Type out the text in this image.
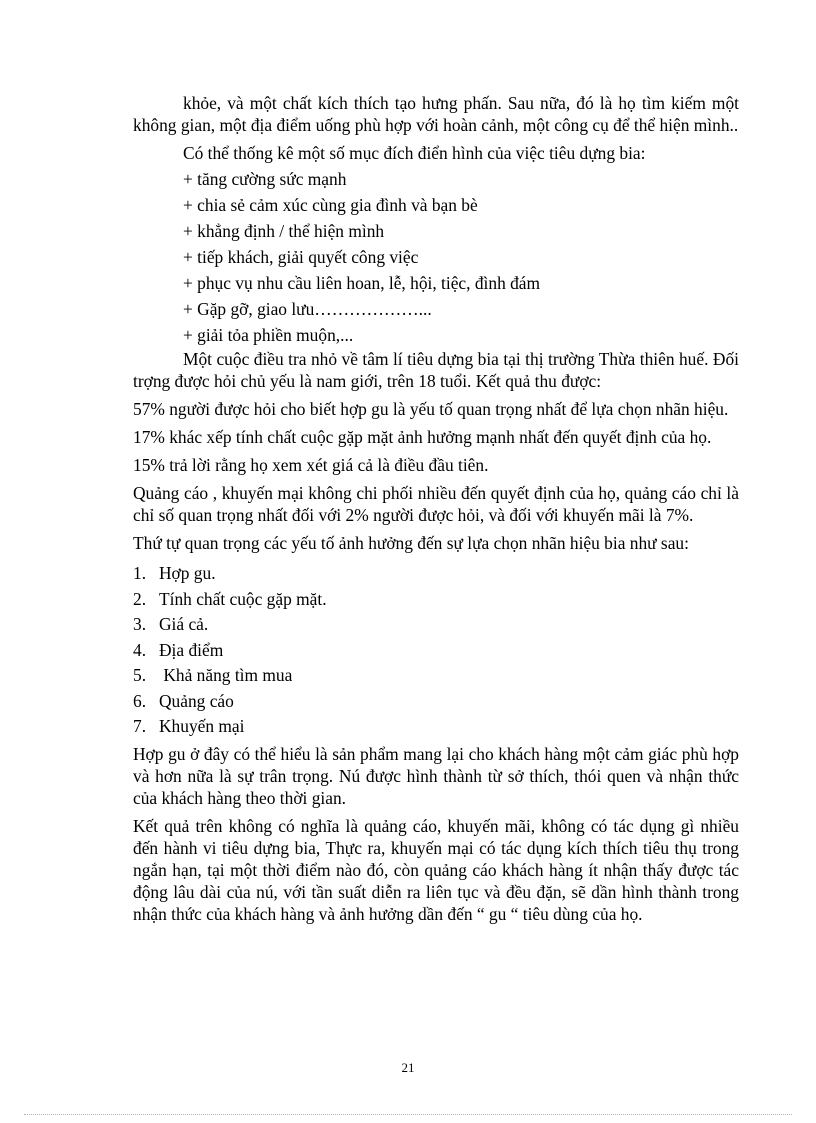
khỏe, và một chất kích thích tạo hưng phấn. Sau nữa, đó là họ tìm kiếm một không gian, một địa điểm uống phù hợp với hoàn cảnh, một công cụ để thể hiện mình..

Có thể thống kê một số mục đích điển hình của việc tiêu dựng bia:

+ tăng cường sức mạnh

+ chia sẻ cảm xúc cùng gia đình và bạn bè

+ khẳng định / thể hiện mình

+ tiếp khách, giải quyết công việc

+ phục vụ nhu cầu liên hoan, lễ, hội, tiệc, đình đám

+ Gặp gỡ, giao lưu………………...

+ giải tỏa phiền muộn,...

Một cuộc điều tra nhỏ về tâm lí tiêu dựng bia tại thị trường Thừa thiên huế. Đối trợng được hỏi chủ yếu là nam giới, trên 18 tuổi. Kết quả thu được:

57% người được hỏi cho biết hợp gu là yếu tố quan trọng nhất để lựa chọn nhãn hiệu.

17% khác xếp tính chất cuộc gặp mặt ảnh hưởng mạnh nhất đến quyết định của họ.

15% trả lời rằng họ xem xét giá cả là điều đầu tiên.

Quảng cáo , khuyến mại không chi phối nhiều đến quyết định của họ, quảng cáo chỉ là chỉ số quan trọng nhất đối với 2% người được hỏi, và đối với khuyến mãi là 7%.

Thứ tự quan trọng các yếu tố ảnh hưởng đến sự lựa chọn nhãn hiệu bia như sau:

1. Hợp gu.
2. Tính chất cuộc gặp mặt.
3. Giá cả.
4. Địa điểm
5. Khả năng tìm mua
6. Quảng cáo
7. Khuyến mại

Hợp gu ở đây có thể hiểu là sản phẩm mang lại cho khách hàng một cảm giác phù hợp và hơn nữa là sự trân trọng. Nú được hình thành từ sở thích, thói quen và nhận thức của khách hàng theo thời gian.

Kết quả trên không có nghĩa là quảng cáo, khuyến mãi, không có tác dụng gì nhiều đến hành vi tiêu dựng bia, Thực ra, khuyến mại có tác dụng kích thích tiêu thụ trong ngắn hạn, tại một thời điểm nào đó, còn quảng cáo khách hàng ít nhận thấy được tác động lâu dài của nú, với tần suất diễn ra liên tục và đều đặn, sẽ dần hình thành trong nhận thức của khách hàng và ảnh hưởng dần đến “ gu “ tiêu dùng của họ.

21
